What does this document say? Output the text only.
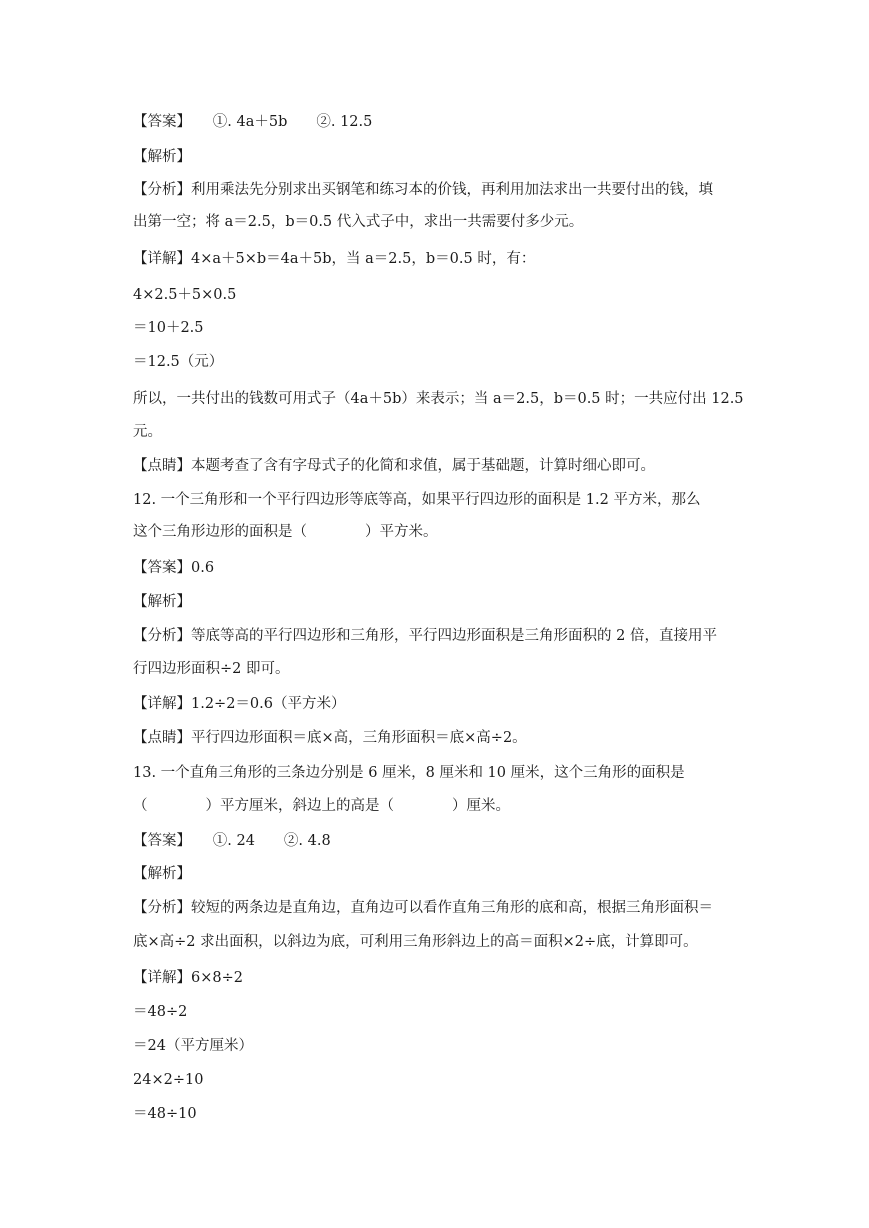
【答案】　　①. 4a＋5b　　②. 12.5
【解析】
【分析】利用乘法先分别求出买钢笔和练习本的价钱，再利用加法求出一共要付出的钱，填
出第一空；将 a＝2.5，b＝0.5 代入式子中，求出一共需要付多少元。
【详解】4×a＋5×b＝4a＋5b，当 a＝2.5，b＝0.5 时，有：
4×2.5＋5×0.5
＝10＋2.5
＝12.5（元）
所以，一共付出的钱数可用式子（4a＋5b）来表示；当 a＝2.5，b＝0.5 时；一共应付出 12.5
元。
【点睛】本题考查了含有字母式子的化简和求值，属于基础题，计算时细心即可。
12. 一个三角形和一个平行四边形等底等高，如果平行四边形的面积是 1.2 平方米，那么
这个三角形边形的面积是（　　　　）平方米。
【答案】0.6
【解析】
【分析】等底等高的平行四边形和三角形，平行四边形面积是三角形面积的 2 倍，直接用平
行四边形面积÷2 即可。
【详解】1.2÷2＝0.6（平方米）
【点睛】平行四边形面积＝底×高，三角形面积＝底×高÷2。
13. 一个直角三角形的三条边分别是 6 厘米，8 厘米和 10 厘米，这个三角形的面积是
（　　　　）平方厘米，斜边上的高是（　　　　）厘米。
【答案】　　①. 24　　②. 4.8
【解析】
【分析】较短的两条边是直角边，直角边可以看作直角三角形的底和高，根据三角形面积＝
底×高÷2 求出面积，以斜边为底，可利用三角形斜边上的高＝面积×2÷底，计算即可。
【详解】6×8÷2
＝48÷2
＝24（平方厘米）
24×2÷10
＝48÷10
